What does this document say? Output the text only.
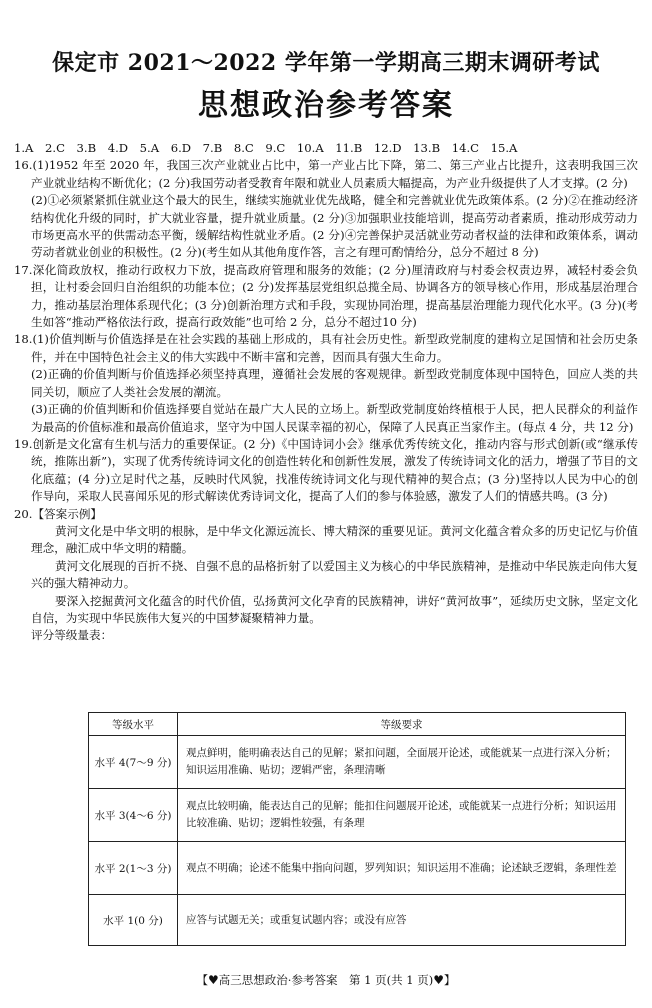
保定市 2021～2022 学年第一学期高三期末调研考试
思想政治参考答案

1.A　2.C　3.B　4.D　5.A　6.D　7.B　8.C　9.C　10.A　11.B　12.D　13.B　14.C　15.A

16.(1)1952 年至 2020 年，我国三次产业就业占比中，第一产业占比下降，第二、第三产业占比提升，这表明我国三次产业就业结构不断优化；(2 分)我国劳动者受教育年限和就业人员素质大幅提高，为产业升级提供了人才支撑。(2 分)

(2)①必须紧紧抓住就业这个最大的民生，继续实施就业优先战略，健全和完善就业优先政策体系。(2 分)②在推动经济结构优化升级的同时，扩大就业容量，提升就业质量。(2 分)③加强职业技能培训，提高劳动者素质，推动形成劳动力市场更高水平的供需动态平衡，缓解结构性就业矛盾。(2 分)④完善保护灵活就业劳动者权益的法律和政策体系，调动劳动者就业创业的积极性。(2 分)(考生如从其他角度作答，言之有理可酌情给分，总分不超过 8 分)

17.深化简政放权，推动行政权力下放，提高政府管理和服务的效能；(2 分)厘清政府与村委会权责边界，减轻村委会负担，让村委会回归自治组织的功能本位；(2 分)发挥基层党组织总揽全局、协调各方的领导核心作用，形成基层治理合力，推动基层治理体系现代化；(3 分)创新治理方式和手段，实现协同治理，提高基层治理能力现代化水平。(3 分)(考生如答“推动严格依法行政，提高行政效能”也可给 2 分，总分不超过10 分)

18.(1)价值判断与价值选择是在社会实践的基础上形成的，具有社会历史性。新型政党制度的建构立足国情和社会历史条件，并在中国特色社会主义的伟大实践中不断丰富和完善，因而具有强大生命力。

(2)正确的价值判断与价值选择必须坚持真理，遵循社会发展的客观规律。新型政党制度体现中国特色，回应人类的共同关切，顺应了人类社会发展的潮流。

(3)正确的价值判断和价值选择要自觉站在最广大人民的立场上。新型政党制度始终植根于人民，把人民群众的利益作为最高的价值标准和最高价值追求，坚守为中国人民谋幸福的初心，保障了人民真正当家作主。(每点 4 分，共 12 分)

19.创新是文化富有生机与活力的重要保证。(2 分)《中国诗词小会》继承优秀传统文化，推动内容与形式创新(或“继承传统，推陈出新”)，实现了优秀传统诗词文化的创造性转化和创新性发展，激发了传统诗词文化的活力，增强了节目的文化底蕴；(4 分)立足时代之基，反映时代风貌，找准传统诗词文化与现代精神的契合点；(3 分)坚持以人民为中心的创作导向，采取人民喜闻乐见的形式解读优秀诗词文化，提高了人们的参与体验感，激发了人们的情感共鸣。(3 分)

20.【答案示例】

黄河文化是中华文明的根脉，是中华文化源远流长、博大精深的重要见证。黄河文化蕴含着众多的历史记忆与价值理念，融汇成中华文明的精髓。

黄河文化展现的百折不挠、自强不息的品格折射了以爱国主义为核心的中华民族精神，是推动中华民族走向伟大复兴的强大精神动力。

要深入挖掘黄河文化蕴含的时代价值，弘扬黄河文化孕育的民族精神，讲好“黄河故事”，延续历史文脉，坚定文化自信，为实现中华民族伟大复兴的中国梦凝聚精神力量。

评分等级量表：

等级水平	等级要求
水平 4(7～9 分)	观点鲜明，能明确表达自己的见解；紧扣问题，全面展开论述，或能就某一点进行深入分析；知识运用准确、贴切；逻辑严密，条理清晰
水平 3(4～6 分)	观点比较明确，能表达自己的见解；能扣住问题展开论述，或能就某一点进行分析；知识运用比较准确、贴切；逻辑性较强，有条理
水平 2(1～3 分)	观点不明确；论述不能集中指向问题，罗列知识；知识运用不准确；论述缺乏逻辑，条理性差
水平 1(0 分)	应答与试题无关；或重复试题内容；或没有应答
【♥高三思想政治·参考答案　第 1 页(共 1 页)♥】
